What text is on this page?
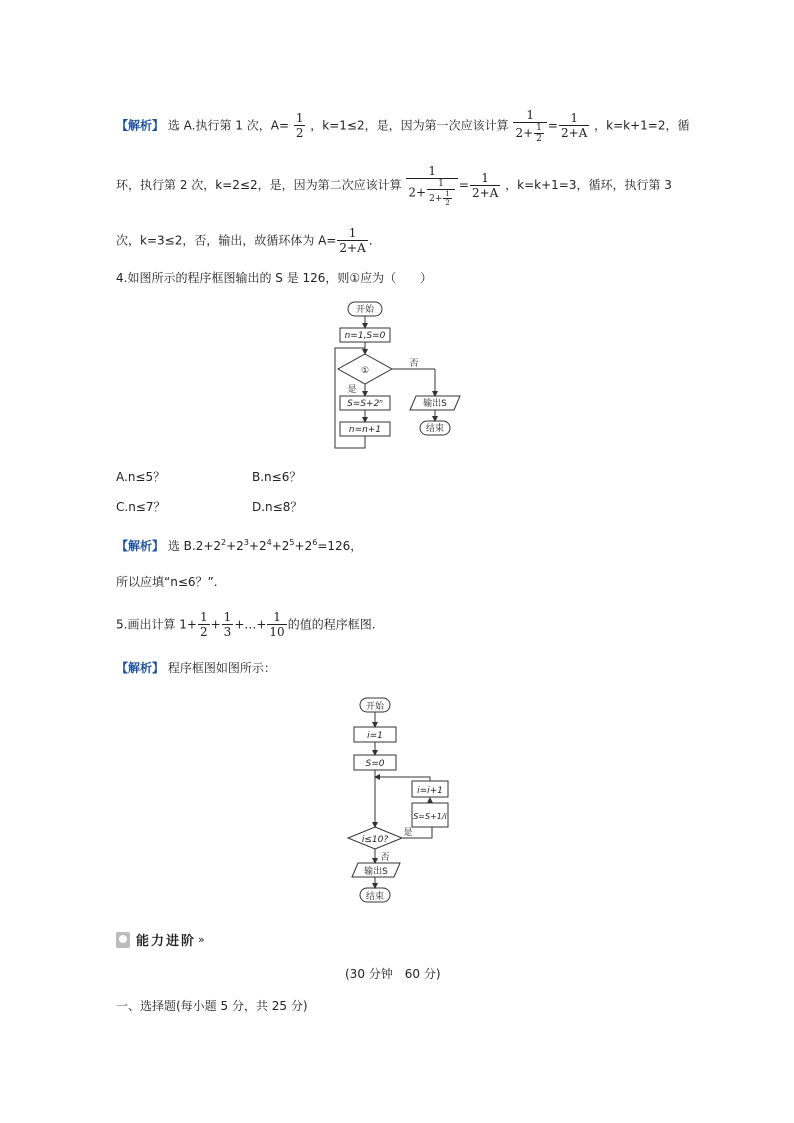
【解析】 选 A.执行第 1 次，$A= \frac{1}{2}$ ，k=1≤2，是，因为第一次应该计算 $\frac{1}{2+ \frac{1}{2}} = \frac{1}{2+A}$ ，k=k+1=2，循
环，执行第 2 次，k=2≤2，是，因为第二次应该计算 $\frac{1}{2+ \frac{1}{2+ \frac{1}{2}}} = \frac{1}{2+A}$ ，k=k+1=3，循环，执行第 3
次，k=3≤2，否，输出，故循环体为 $A= \frac{1}{2+A}$ .
4.如图所示的程序框图输出的 S 是 126，则①应为（　　）
开始
n=1,S=0
①
否
是
S=S+2ⁿ
n=n+1
输出S
结束
A.n≤5？	B.n≤6？
C.n≤7？	D.n≤8？
【解析】 选 $B.2+2^2+2^3+2^4+2^5+2^6=126$，
所以应填“n≤6？”.
5.画出计算 $1+ \frac{1}{2} + \frac{1}{3}$ +…+ $\frac{1}{10}$ 的值的程序框图.
【解析】 程序框图如图所示：
开始
i=1
S=0
i=i+1
S=S+1/i
i≤10?
是
否
输出S
结束
能力进阶 »
(30 分钟　60 分)
一、选择题(每小题 5 分，共 25 分)
